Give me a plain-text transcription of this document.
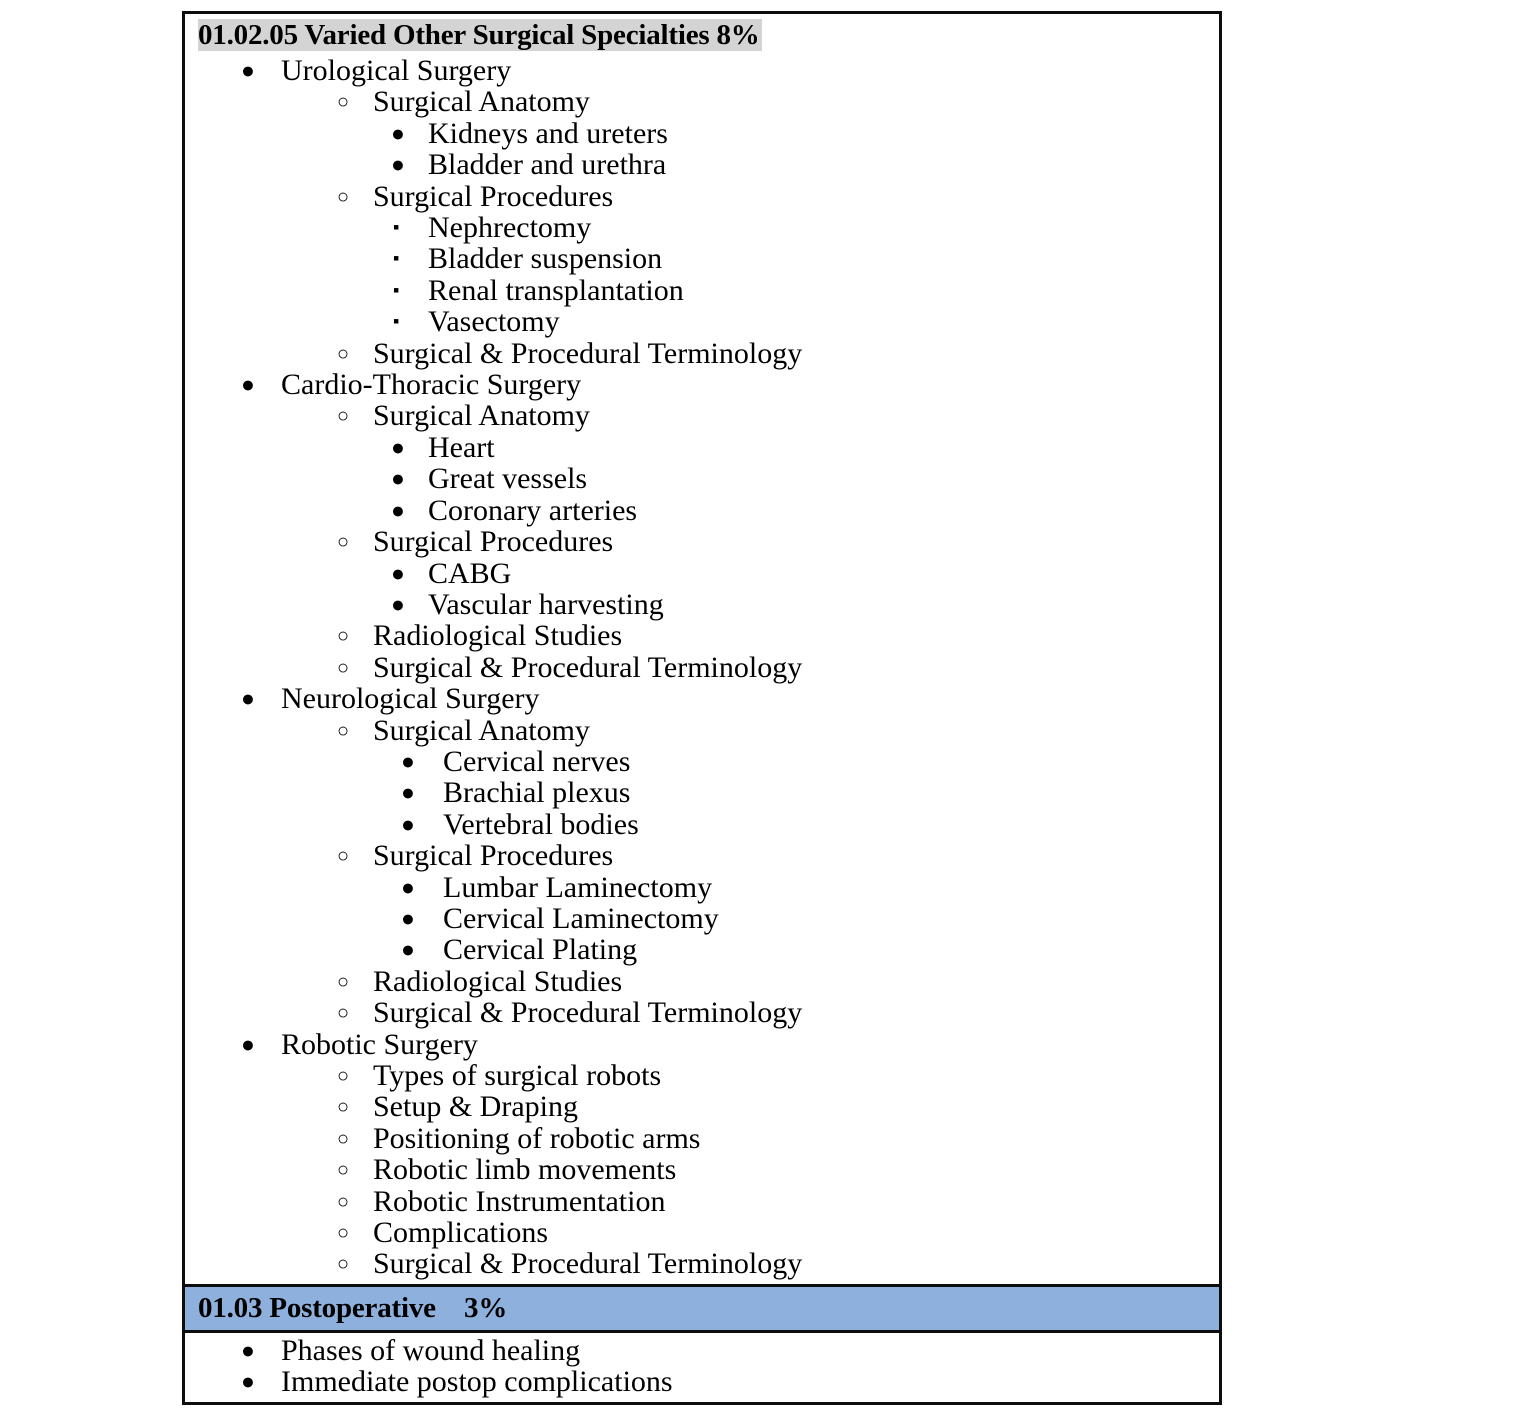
01.02.05 Varied Other Surgical Specialties 8%
● Urological Surgery
○ Surgical Anatomy
● Kidneys and ureters
● Bladder and urethra
○ Surgical Procedures
▪ Nephrectomy
▪ Bladder suspension
▪ Renal transplantation
▪ Vasectomy
○ Surgical & Procedural Terminology
● Cardio-Thoracic Surgery
○ Surgical Anatomy
● Heart
● Great vessels
● Coronary arteries
○ Surgical Procedures
● CABG
● Vascular harvesting
○ Radiological Studies
○ Surgical & Procedural Terminology
● Neurological Surgery
○ Surgical Anatomy
● Cervical nerves
● Brachial plexus
● Vertebral bodies
○ Surgical Procedures
● Lumbar Laminectomy
● Cervical Laminectomy
● Cervical Plating
○ Radiological Studies
○ Surgical & Procedural Terminology
● Robotic Surgery
○ Types of surgical robots
○ Setup & Draping
○ Positioning of robotic arms
○ Robotic limb movements
○ Robotic Instrumentation
○ Complications
○ Surgical & Procedural Terminology
01.03 Postoperative    3%
● Phases of wound healing
● Immediate postop complications
